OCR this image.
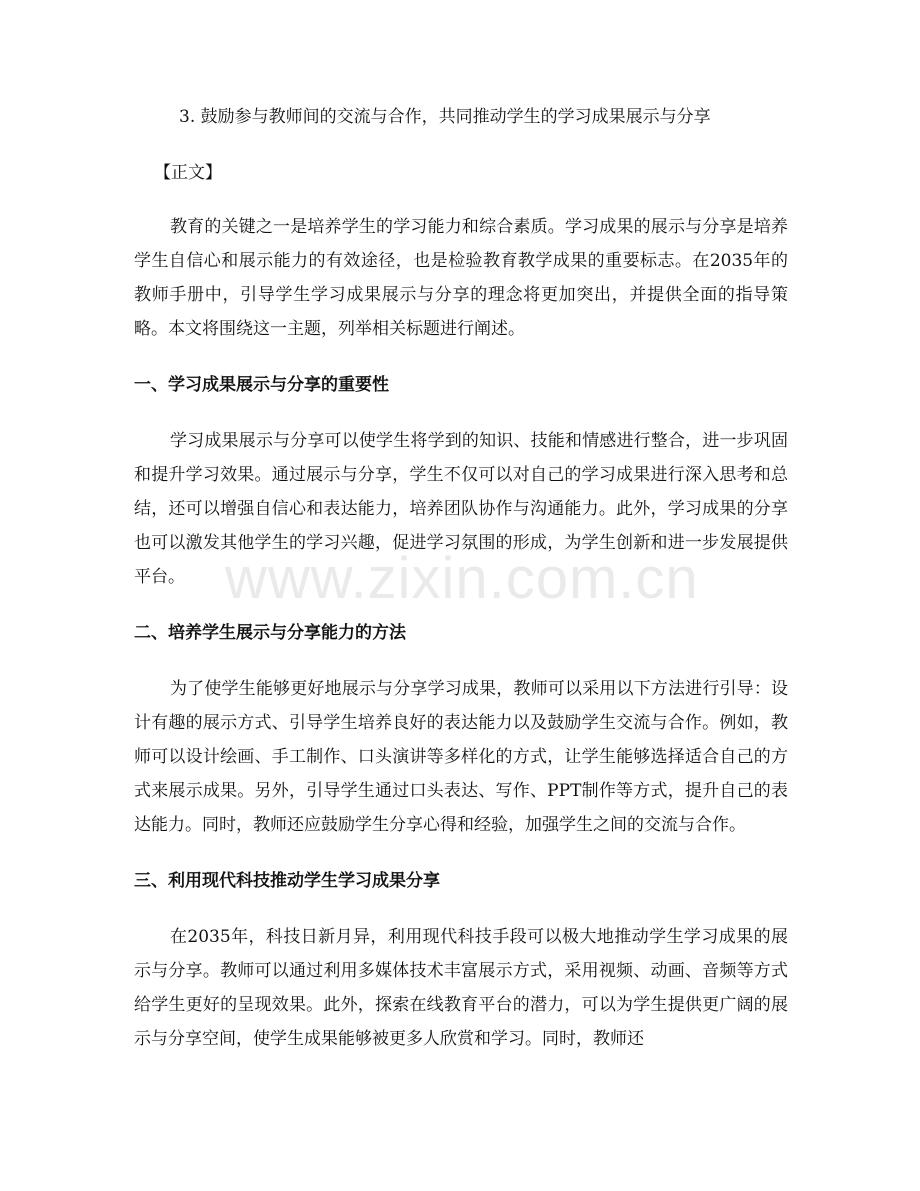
www.zixin.com.cn

3. 鼓励参与教师间的交流与合作，共同推动学生的学习成果展示与分享

【正文】

教育的关键之一是培养学生的学习能力和综合素质。学习成果的展示与分享是培养学生自信心和展示能力的有效途径，也是检验教育教学成果的重要标志。在2035年的教师手册中，引导学生学习成果展示与分享的理念将更加突出，并提供全面的指导策略。本文将围绕这一主题，列举相关标题进行阐述。

一、学习成果展示与分享的重要性

学习成果展示与分享可以使学生将学到的知识、技能和情感进行整合，进一步巩固和提升学习效果。通过展示与分享，学生不仅可以对自己的学习成果进行深入思考和总结，还可以增强自信心和表达能力，培养团队协作与沟通能力。此外，学习成果的分享也可以激发其他学生的学习兴趣，促进学习氛围的形成，为学生创新和进一步发展提供平台。

二、培养学生展示与分享能力的方法

为了使学生能够更好地展示与分享学习成果，教师可以采用以下方法进行引导：设计有趣的展示方式、引导学生培养良好的表达能力以及鼓励学生交流与合作。例如，教师可以设计绘画、手工制作、口头演讲等多样化的方式，让学生能够选择适合自己的方式来展示成果。另外，引导学生通过口头表达、写作、PPT制作等方式，提升自己的表达能力。同时，教师还应鼓励学生分享心得和经验，加强学生之间的交流与合作。

三、利用现代科技推动学生学习成果分享

在2035年，科技日新月异，利用现代科技手段可以极大地推动学生学习成果的展示与分享。教师可以通过利用多媒体技术丰富展示方式，采用视频、动画、音频等方式给学生更好的呈现效果。此外，探索在线教育平台的潜力，可以为学生提供更广阔的展示与分享空间，使学生成果能够被更多人欣赏和学习。同时，教师还
